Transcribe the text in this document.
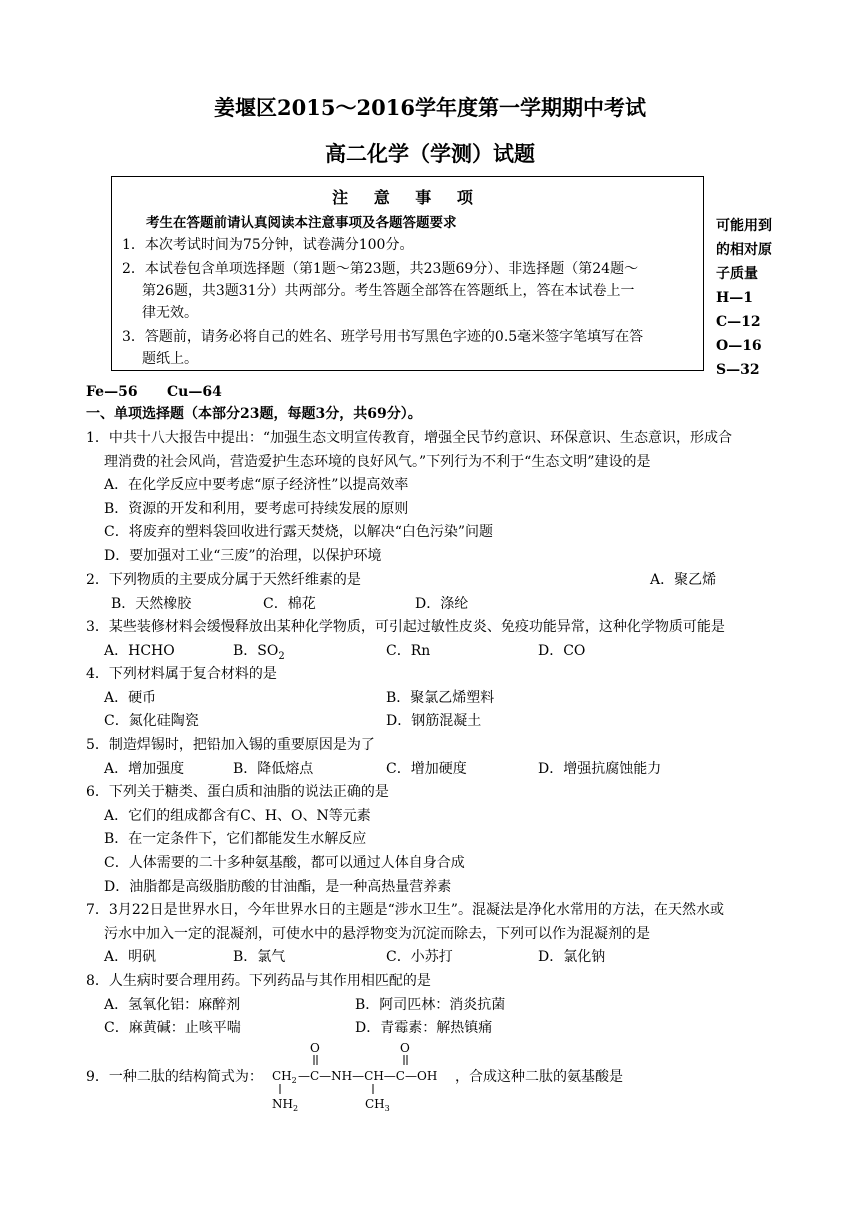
姜堰区2015～2016学年度第一学期期中考试
高二化学（学测）试题
注 意 事 项
考生在答题前请认真阅读本注意事项及各题答题要求
1．本次考试时间为75分钟，试卷满分100分。
2．本试卷包含单项选择题（第1题～第23题，共23题69分）、非选择题（第24题～
第26题，共3题31分）共两部分。考生答题全部答在答题纸上，答在本试卷上一
律无效。
3．答题前，请务必将自己的姓名、班学号用书写黑色字迹的0.5毫米签字笔填写在答
题纸上。
可能用到
的相对原
子质量
H—1
C—12
O—16
S—32
Fe—56 Cu—64
一、单项选择题（本部分23题，每题3分，共69分）。
1．中共十八大报告中提出：“加强生态文明宣传教育，增强全民节约意识、环保意识、生态意识，形成合
理消费的社会风尚，营造爱护生态环境的良好风气。”下列行为不利于“生态文明”建设的是
A．在化学反应中要考虑“原子经济性”以提高效率
B．资源的开发和利用，要考虑可持续发展的原则
C．将废弃的塑料袋回收进行露天焚烧，以解决“白色污染”问题
D．要加强对工业“三废”的治理，以保护环境
2．下列物质的主要成分属于天然纤维素的是	A．聚乙烯
B．天然橡胶	C．棉花	D．涤纶
3．某些装修材料会缓慢释放出某种化学物质，可引起过敏性皮炎、免疫功能异常，这种化学物质可能是
A．HCHO	B．$SO_2$	C．Rn	D．CO
4．下列材料属于复合材料的是
A．硬币	B．聚氯乙烯塑料
C．氮化硅陶瓷	D．钢筋混凝土
5．制造焊锡时，把铅加入锡的重要原因是为了
A．增加强度	B．降低熔点	C．增加硬度	D．增强抗腐蚀能力
6．下列关于糖类、蛋白质和油脂的说法正确的是
A．它们的组成都含有C、H、O、N等元素
B．在一定条件下，它们都能发生水解反应
C．人体需要的二十多种氨基酸，都可以通过人体自身合成
D．油脂都是高级脂肪酸的甘油酯，是一种高热量营养素
7．3月22日是世界水日，今年世界水日的主题是“涉水卫生”。混凝法是净化水常用的方法，在天然水或
污水中加入一定的混凝剂，可使水中的悬浮物变为沉淀而除去，下列可以作为混凝剂的是
A．明矾	B．氯气	C．小苏打	D．氯化钠
8．人生病时要合理用药。下列药品与其作用相匹配的是
A．氢氧化铝：麻醉剂	B．阿司匹林：消炎抗菌
C．麻黄碱：止咳平喘	D．青霉素：解热镇痛
9．一种二肽的结构简式为：
O	O
$CH_2$ —C—NH—CH—C—OH
$NH_2$	$CH_3$
，合成这种二肽的氨基酸是
